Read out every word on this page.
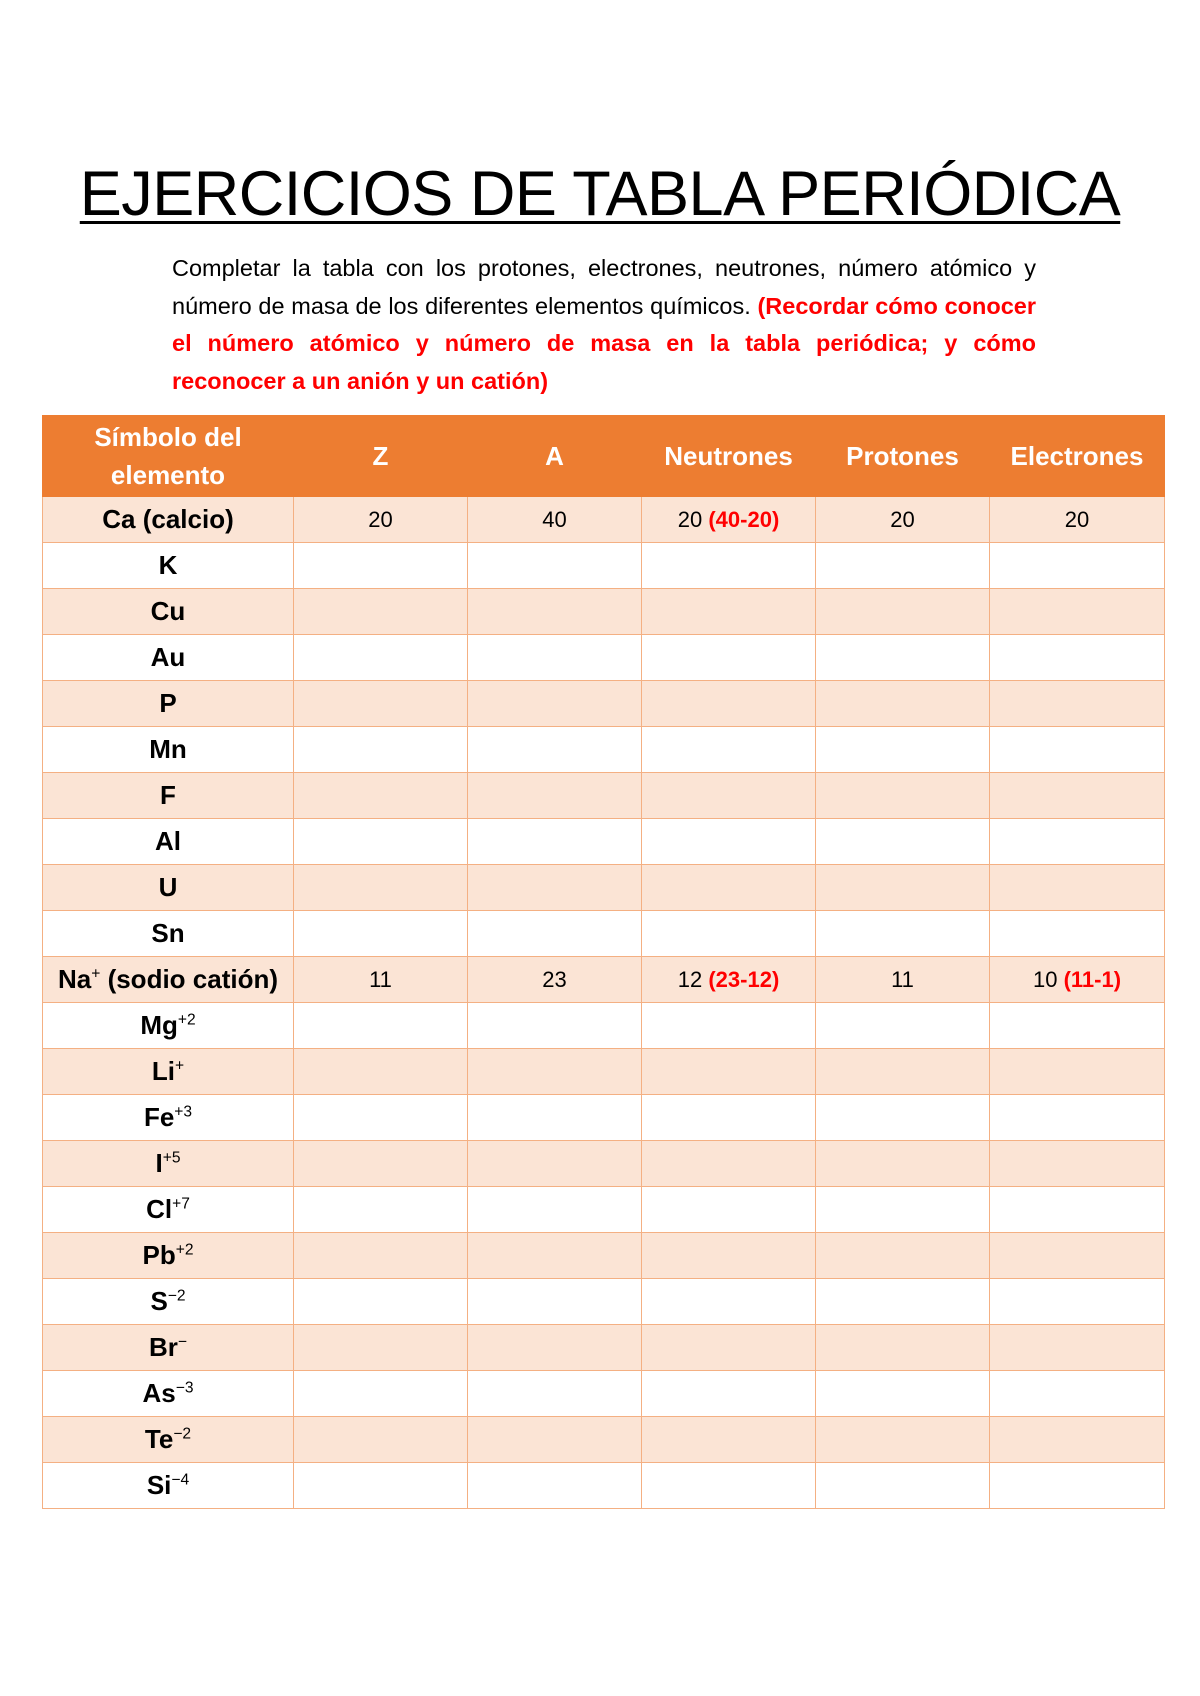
EJERCICIOS DE TABLA PERIÓDICA
Completar la tabla con los protones, electrones, neutrones, número atómico y número de masa de los diferentes elementos químicos. (Recordar cómo conocer el número atómico y número de masa en la tabla periódica; y cómo reconocer a un anión y un catión)
Símbolo del elemento	Z	A	Neutrones	Protones	Electrones
Ca (calcio)	20	40	20 (40-20)	20	20
K					
Cu					
Au					
P					
Mn					
F					
Al					
U					
Sn					
Na+ (sodio catión)	11	23	12 (23-12)	11	10 (11-1)
$Mg^{+2}$					
Li+					
$Fe^{+3}$					
$I^{+5}$					
$Cl^{+7}$					
$Pb^{+2}$					
$S^{-2}$					
Br−					
$As^{-3}$					
$Te^{-2}$					
$Si^{-4}$					
